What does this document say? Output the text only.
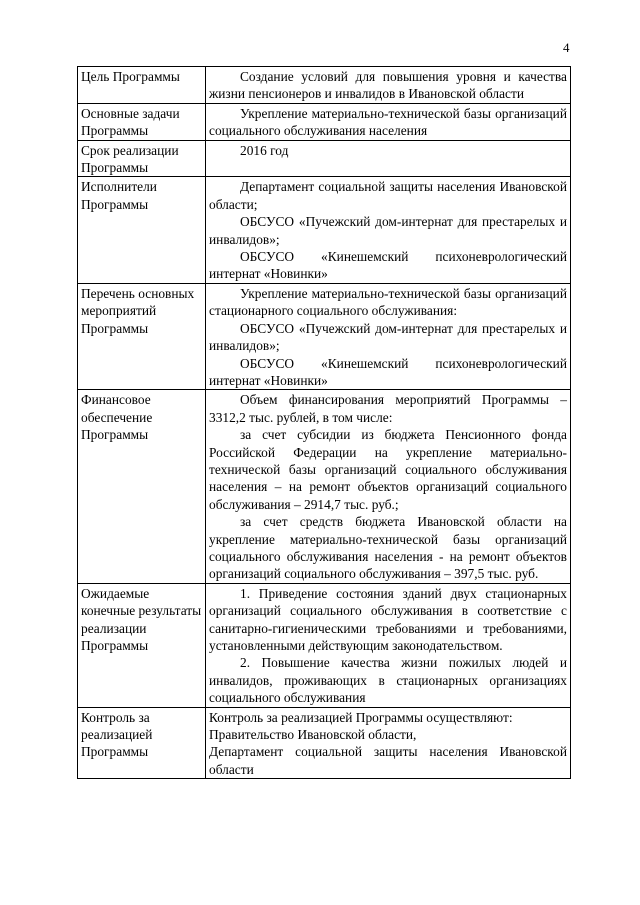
4
Цель Программы	Создание условий для повышения уровня и качества жизни пенсионеров и инвалидов в Ивановской области

Основные задачи Программы	Укрепление материально-технической базы организаций социального обслуживания населения

Срок реализации Программы	2016 год

Исполнители Программы	Департамент социальной защиты населения Ивановской области;

ОБСУСО «Пучежский дом-интернат для престарелых и инвалидов»;

ОБСУСО «Кинешемский психоневрологический интернат «Новинки»

Перечень основных мероприятий Программы	Укрепление материально-технической базы организаций стационарного социального обслуживания:

ОБСУСО «Пучежский дом-интернат для престарелых и инвалидов»;

ОБСУСО «Кинешемский психоневрологический интернат «Новинки»

Финансовое обеспечение Программы	Объем финансирования мероприятий Программы – 3312,2 тыс. рублей, в том числе:

за счет субсидии из бюджета Пенсионного фонда Российской Федерации на укрепление материально-технической базы организаций социального обслуживания населения – на ремонт объектов организаций социального обслуживания – 2914,7 тыс. руб.;

за счет средств бюджета Ивановской области на укрепление материально-технической базы организаций социального обслуживания населения - на ремонт объектов организаций социального обслуживания – 397,5 тыс. руб.

Ожидаемые конечные результаты реализации Программы	1. Приведение состояния зданий двух стационарных организаций социального обслуживания в соответствие с санитарно-гигиеническими требованиями и требованиями, установленными действующим законодательством.

2. Повышение качества жизни пожилых людей и инвалидов, проживающих в стационарных организациях социального обслуживания

Контроль за реализацией Программы	Контроль за реализацией Программы осуществляют:

Правительство Ивановской области,

Департамент социальной защиты населения Ивановской области
